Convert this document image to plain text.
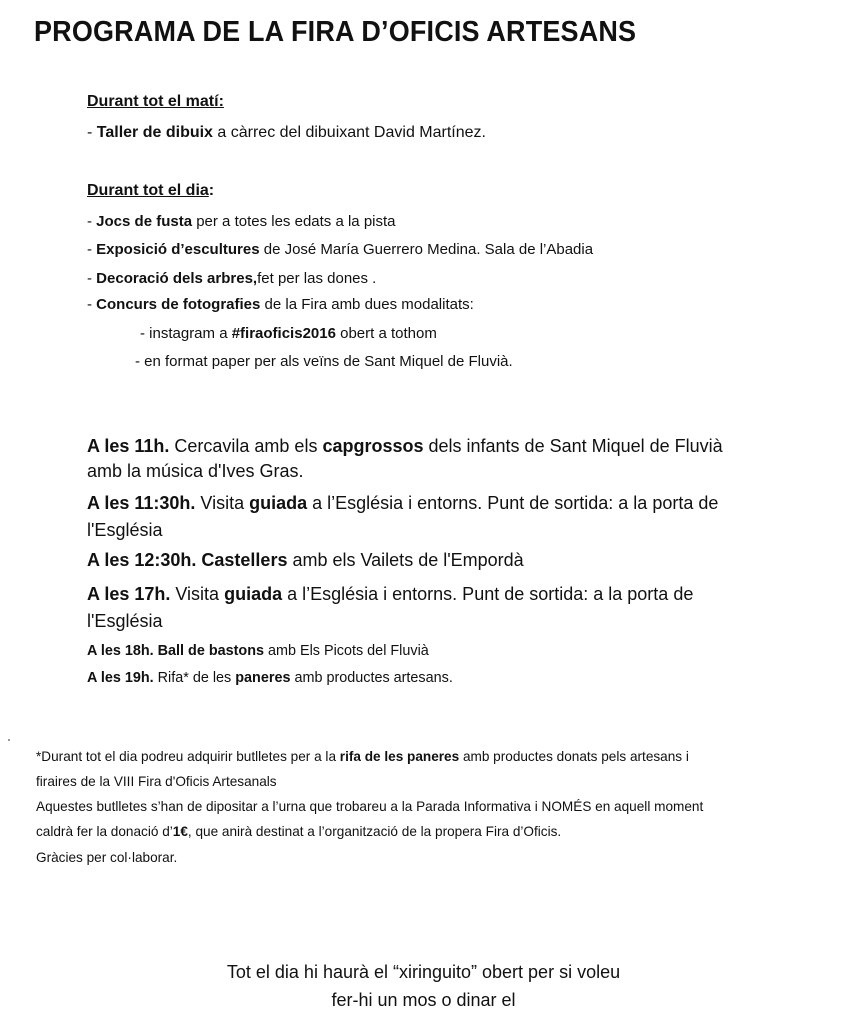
PROGRAMA DE LA FIRA D’OFICIS ARTESANS
Durant tot el matí:
- Taller de dibuix a càrrec del dibuixant David Martínez.
Durant tot el dia:
- Jocs de fusta per a totes les edats a la pista
- Exposició d’escultures de José María Guerrero Medina. Sala de l’Abadia
- Decoració dels arbres,fet per las dones .
- Concurs de fotografies de la Fira amb dues modalitats:
- instagram a #firaoficis2016 obert a tothom
- en format paper per als veïns de Sant Miquel de Fluvià.
A les 11h. Cercavila amb els capgrossos dels infants de Sant Miquel de Fluvià
amb la música d'Ives Gras.
A les 11:30h. Visita guiada a l’Església i entorns. Punt de sortida: a la porta de
l'Església
A les 12:30h. Castellers amb els Vailets de l'Empordà
A les 17h. Visita guiada a l’Església i entorns. Punt de sortida: a la porta de
l'Església
A les 18h. Ball de bastons amb Els Picots del Fluvià
A les 19h. Rifa* de les paneres amb productes artesans.
*Durant tot el dia podreu adquirir butlletes per a la rifa de les paneres amb productes donats pels artesans i
firaires de la VIII Fira d'Oficis Artesanals
Aquestes butlletes s’han de dipositar a l’urna que trobareu a la Parada Informativa i NOMÉS en aquell moment
caldrà fer la donació d’1€, que anirà destinat a l’organització de la propera Fira d’Oficis.
Gràcies per col·laborar.
Tot el dia hi haurà el “xiringuito” obert per si voleu
fer-hi un mos o dinar el
